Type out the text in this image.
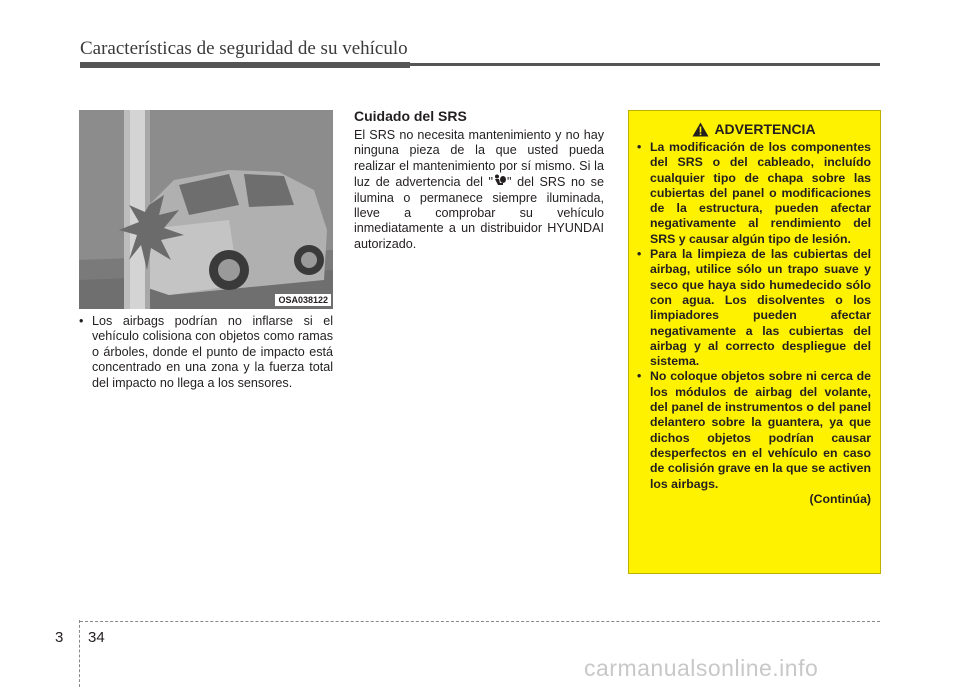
Características de seguridad de su vehículo
OSA038122
• Los airbags podrían no inflarse si el vehículo colisiona con objetos como ramas o árboles, donde el punto de impacto está concentrado en una zona y la fuerza total del impacto no llega a los sensores.
Cuidado del SRS
El SRS no necesita mantenimiento y no hay ninguna pieza de la que usted pueda realizar el mantenimiento por sí mismo. Si la luz de advertencia del " " del SRS no se ilumina o permanece siempre iluminada, lleve a comprobar su vehículo inmediatamente a un distribuidor HYUNDAI autorizado.
ADVERTENCIA
• La modificación de los componentes del SRS o del cableado, incluído cualquier tipo de chapa sobre las cubiertas del panel o modificaciones de la estructura, pueden afectar negativamente al rendimiento del SRS y causar algún tipo de lesión.
• Para la limpieza de las cubiertas del airbag, utilice sólo un trapo suave y seco que haya sido humedecido sólo con agua. Los disolventes o los limpiadores pueden afectar negativamente a las cubiertas del airbag y al correcto despliegue del sistema.
• No coloque objetos sobre ni cerca de los módulos de airbag del volante, del panel de instrumentos o del panel delantero sobre la guantera, ya que dichos objetos podrían causar desperfectos en el vehículo en caso de colisión grave en la que se activen los airbags.
(Continúa)
3 34
carmanualsonline.info
